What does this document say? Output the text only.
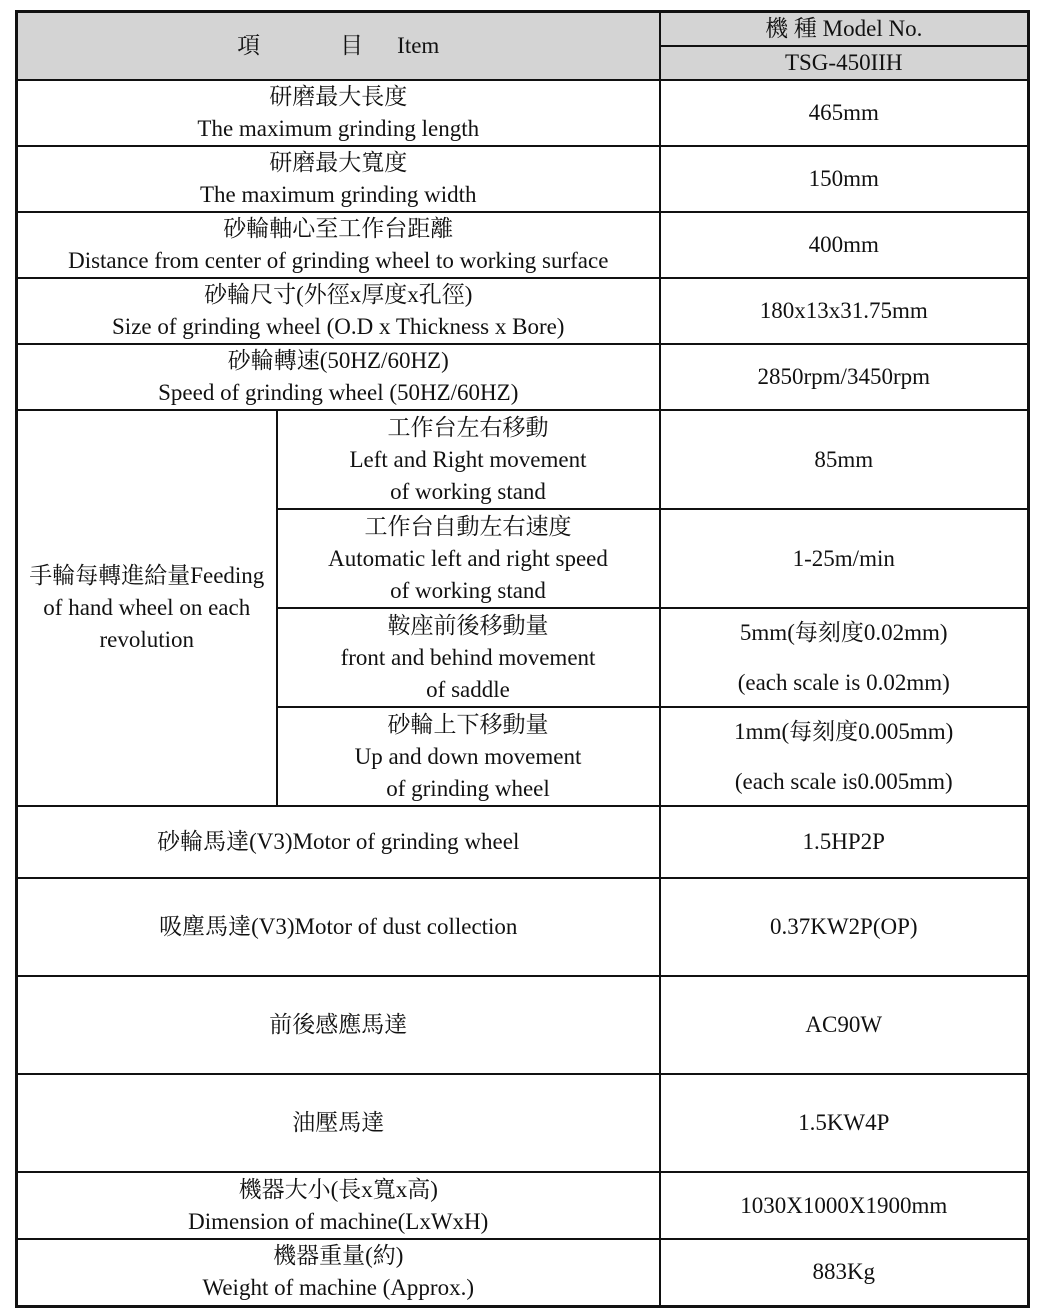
項 目 Item		機 種 Model No.
		TSG-450IIH

研磨最大長度
The maximum grinding length		465mm

研磨最大寬度
The maximum grinding width		150mm

砂輪軸心至工作台距離
Distance from center of grinding wheel to working surface		400mm

砂輪尺寸(外徑x厚度x孔徑)
Size of grinding wheel (O.D x Thickness x Bore)		180x13x31.75mm

砂輪轉速(50HZ/60HZ)
Speed of grinding wheel (50HZ/60HZ)		2850rpm/3450rpm

手輪每轉進給量Feeding
of hand wheel on each
revolution	工作台左右移動
Left and Right movement
of working stand	85mm

	工作台自動左右速度
Automatic left and right speed
of working stand	1-25m/min

	鞍座前後移動量
front and behind movement
of saddle	5mm(每刻度0.02mm)
(each scale is 0.02mm)

	砂輪上下移動量
Up and down movement
of grinding wheel	1mm(每刻度0.005mm)
(each scale is0.005mm)

砂輪馬達(V3)Motor of grinding wheel		1.5HP2P
吸塵馬達(V3)Motor of dust collection		0.37KW2P(OP)
前後感應馬達		AC90W
油壓馬達		1.5KW4P

機器大小(長x寬x高)
Dimension of machine(LxWxH)		1030X1000X1900mm

機器重量(約)
Weight of machine (Approx.)		883Kg
